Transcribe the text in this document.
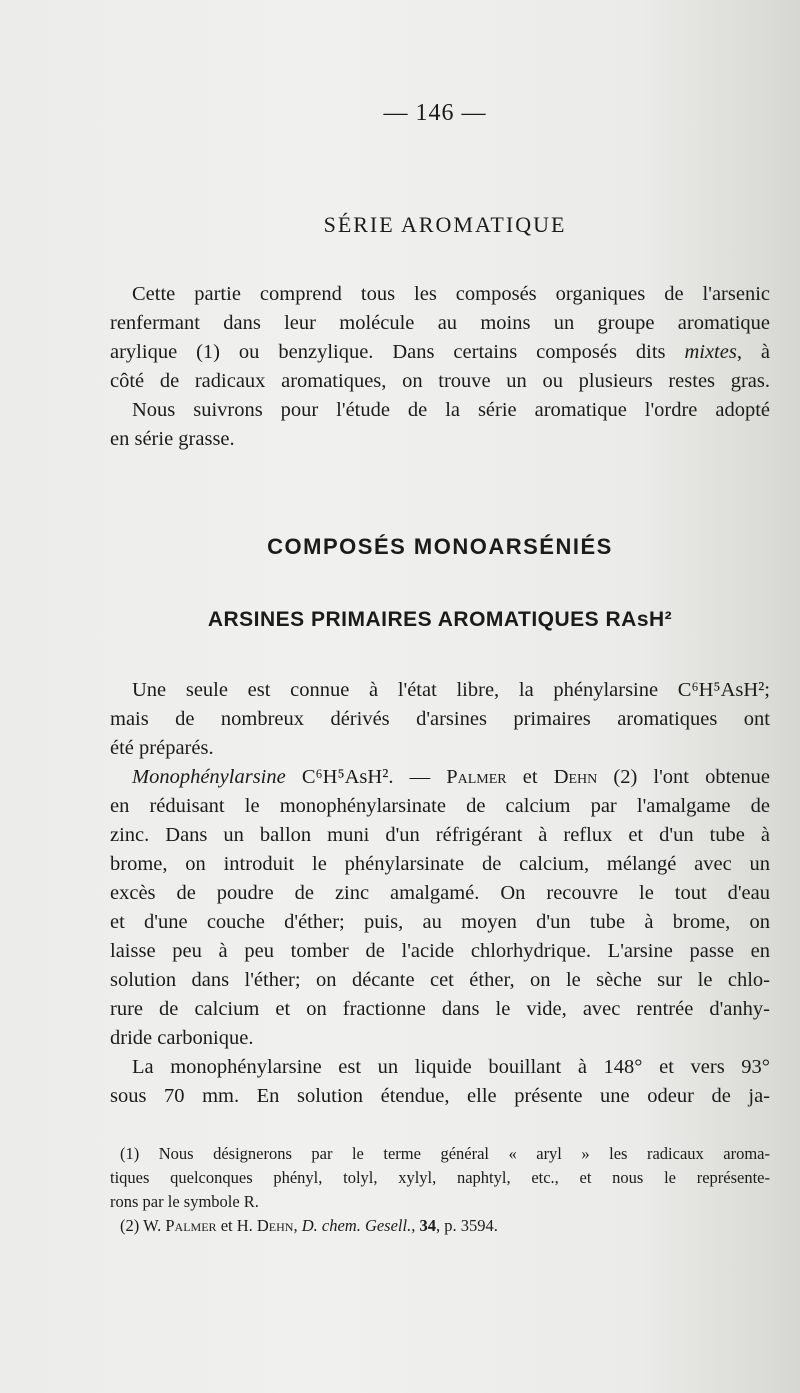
— 146 —
SÉRIE AROMATIQUE

Cette partie comprend tous les composés organiques de l'arsenic

renfermant dans leur molécule au moins un groupe aromatique

arylique (1) ou benzylique. Dans certains composés dits mixtes, à

côté de radicaux aromatiques, on trouve un ou plusieurs restes gras.

Nous suivrons pour l'étude de la série aromatique l'ordre adopté

en série grasse.

COMPOSÉS MONOARSÉNIÉS
ARSINES PRIMAIRES AROMATIQUES RAsH²

Une seule est connue à l'état libre, la phénylarsine C⁶H⁵AsH²;

mais de nombreux dérivés d'arsines primaires aromatiques ont

été préparés.

Monophénylarsine C⁶H⁵AsH². — Palmer et Dehn (2) l'ont obtenue

en réduisant le monophénylarsinate de calcium par l'amalgame de

zinc. Dans un ballon muni d'un réfrigérant à reflux et d'un tube à

brome, on introduit le phénylarsinate de calcium, mélangé avec un

excès de poudre de zinc amalgamé. On recouvre le tout d'eau

et d'une couche d'éther; puis, au moyen d'un tube à brome, on

laisse peu à peu tomber de l'acide chlorhydrique. L'arsine passe en

solution dans l'éther; on décante cet éther, on le sèche sur le chlo-

rure de calcium et on fractionne dans le vide, avec rentrée d'anhy-

dride carbonique.

La monophénylarsine est un liquide bouillant à 148° et vers 93°

sous 70 mm. En solution étendue, elle présente une odeur de ja-

(1) Nous désignerons par le terme général « aryl » les radicaux aroma-

tiques quelconques phényl, tolyl, xylyl, naphtyl, etc., et nous le représente-

rons par le symbole R.

(2) W. Palmer et H. Dehn, D. chem. Gesell., 34, p. 3594.
